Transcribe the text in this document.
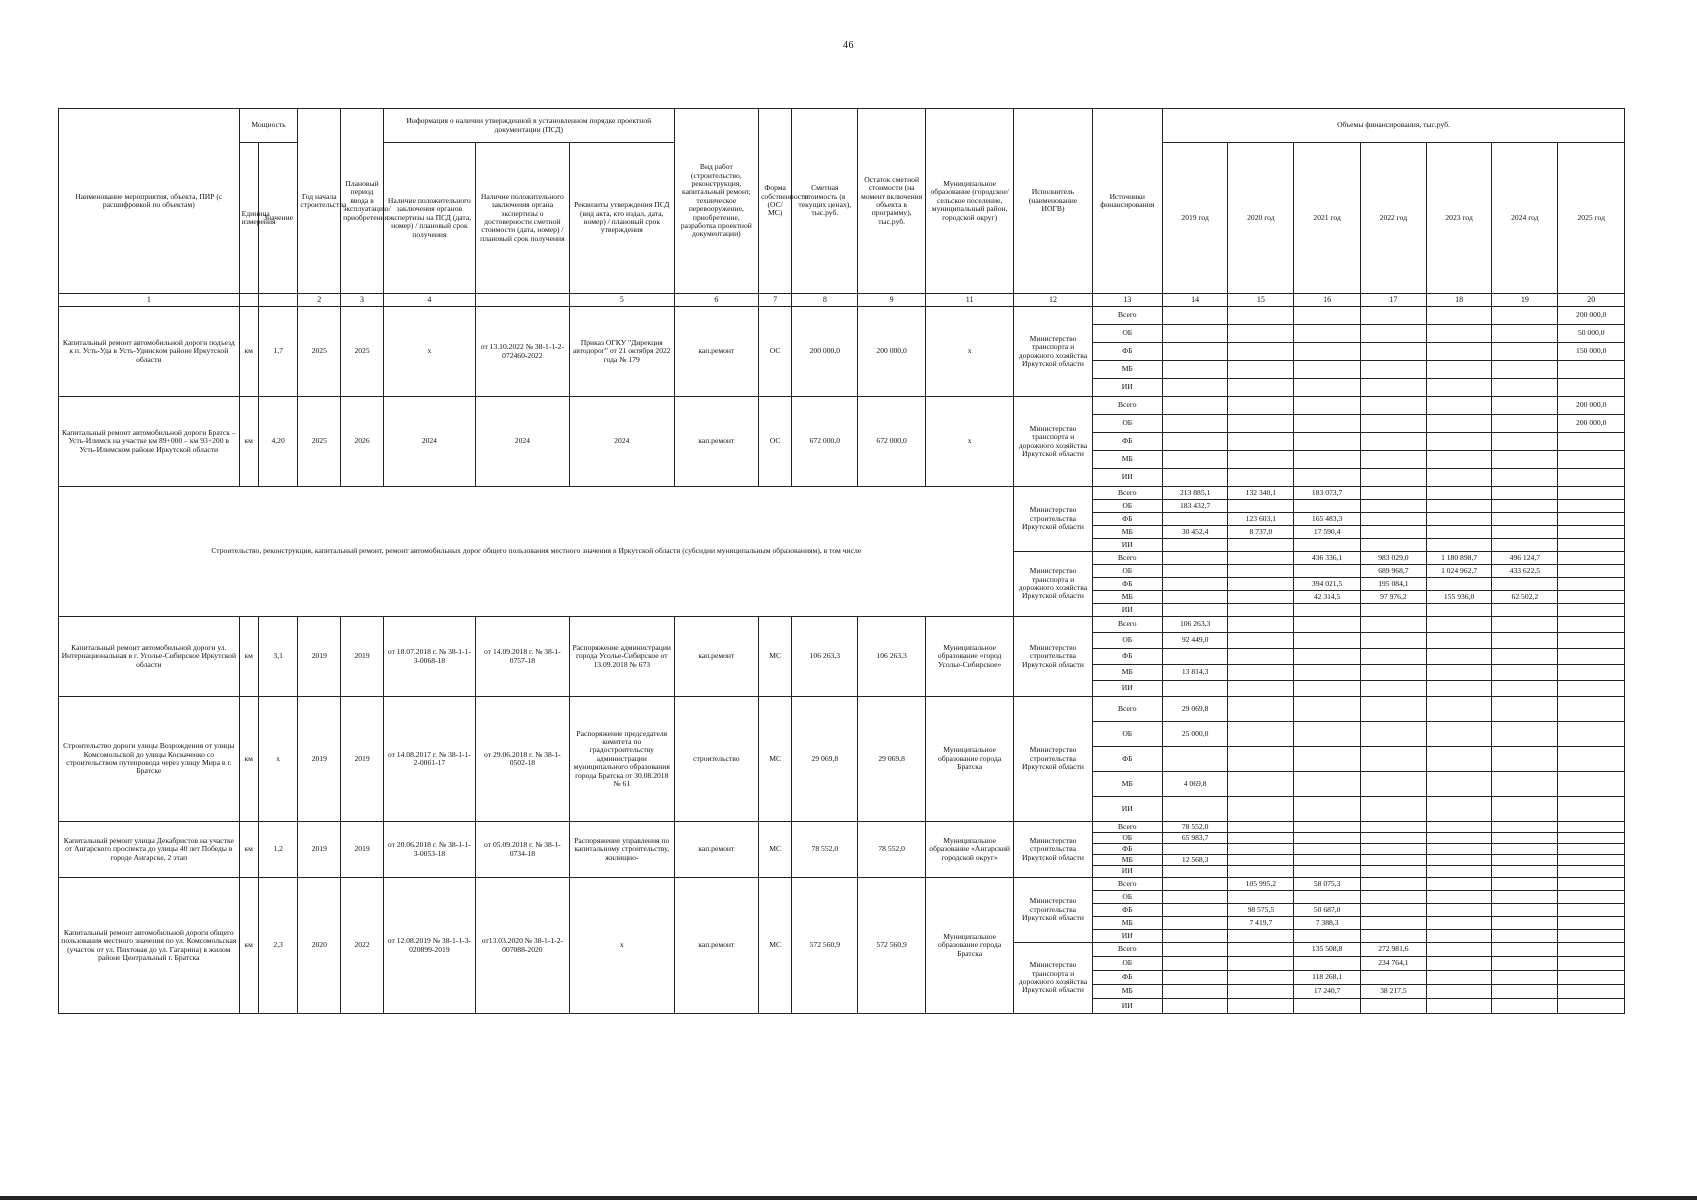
46
Наименование мероприятия, объекта, ПИР (с расшифровкой по объектам)	Мощность		Год начала строительства	Плановый период ввода в эксплуатацию/приобретения	Информация о наличии утвержденной в установленном порядке проектной документации (ПСД)			Вид работ (строительство, реконструкция, капитальный ремонт, техническое перевооружение, приобретение, разработка проектной документации)	Форма собственности (ОС/ МС)	Сметная стоимость (в текущих ценах), тыс.руб.	Остаток сметной стоимости (на момент включения объекта в программу), тыс.руб.	Муниципальное образование (городское/сельское поселение, муниципальный район, городской округ)	Исполнитель (наименование ИОГВ)	Источники финансирования	Объемы финансирования, тыс.руб.						
	Единица измерения	Значение			Наличие положительного заключения органов экспертизы на ПСД (дата, номер) / плановый срок получения	Наличие положительного заключения органа экспертизы о достоверности сметной стоимости (дата, номер) / плановый срок получения	Реквизиты утверждения ПСД (вид акта, кто издал, дата, номер) / плановый срок утверждения								2019 год	2020 год	2021 год	2022 год	2023 год	2024 год	2025 год
1			2	3	4		5	6	7	8	9	11	12	13	14	15	16	17	18	19	20
Капитальный ремонт автомобильной дороги подъезд к п. Усть-Уда в Усть-Удинском районе Иркутской области	км	1,7	2025	2025	х	от 13.10.2022 № 38-1-1-2-072460-2022	Приказ ОГКУ "Дирекция автодорог" от 21 октября 2022 года № 179	кап.ремонт	ОС	200 000,0	200 000,0	х	Министерство транспорта и дорожного хозяйства Иркутской области	Всего							200 000,0
														ОБ							50 000,0
														ФБ							150 000,0
														МБ							
														ИИ							
Капитальный ремонт автомобильной дороги Братск – Усть-Илимск на участке км 89+000 – км 93+200 в Усть-Илимском районе Иркутской области	км	4,20	2025	2026	2024	2024	2024	кап.ремонт	ОС	672 000,0	672 000,0	х	Министерство транспорта и дорожного хозяйства Иркутской области	Всего							200 000,0
														ОБ							200 000,0
														ФБ							
														МБ							
														ИИ							
Строительство, реконструкция, капитальный ремонт, ремонт автомобильных дорог общего пользования местного значения в Иркутской области (субсидии муниципальным образованиям), в том числе													Министерство строительства Иркутской области	Всего	213 885,1	132 340,1	183 073,7				
														ОБ	183 432,7						
														ФБ		123 603,1	165 483,3				
														МБ	30 452,4	8 737,0	17 590,4				
														ИИ							
													Министерство транспорта и дорожного хозяйства Иркутской области	Всего			436 336,1	983 029,0	1 180 898,7	496 124,7	
														ОБ				689 968,7	1 024 962,7	433 622,5	
														ФБ			394 021,5	195 084,1			
														МБ			42 314,5	97 976,2	155 936,0	62 502,2	
														ИИ							
Капитальный ремонт автомобильной дороги ул. Интернациональная в г. Усолье-Сибирское Иркутской области	км	3,1	2019	2019	от 18.07.2018 г. № 38-1-1-3-0068-18	от 14.09.2018 г. № 38-1-0757-18	Распоряжение администрации города Усолье-Сибирское от 13.09.2018 № 673	кап.ремонт	МС	106 263,3	106 263,3	Муниципальное образование «город Усолье-Сибирское»	Министерство строительства Иркутской области	Всего	106 263,3						
														ОБ	92 449,0						
														ФБ							
														МБ	13 814,3						
														ИИ							
Строительство дороги улицы Возрождения от улицы Комсомольской до улицы Коскаченко со строительством путепровода через улицу Мира в г. Братске	км	х	2019	2019	от 14.08.2017 г. № 38-1-1-2-0061-17	от 29.06.2018 г. № 38-1-0502-18	Распоряжение председателя комитета по градостроительству администрации муниципального образования города Братска от 30.08.2018 № 61	строительство	МС	29 069,8	29 069,8	Муниципальное образование города Братска	Министерство строительства Иркутской области	Всего	29 069,8						
														ОБ	25 000,0						
														ФБ							
														МБ	4 069,8						
														ИИ							
Капитальный ремонт улицы Декабристов на участке от Ангарского проспекта до улицы 40 лет Победы в городе Ангарске, 2 этап	км	1,2	2019	2019	от 20.06.2018 г. № 38-1-1-3-0053-18	от 05.09.2018 г. № 38-1-0734-18	Распоряжение управления по капитальному строительству, жилищно-	кап.ремонт	МС	78 552,0	78 552,0	Муниципальное образование «Ангарский городской округ»	Министерство строительства Иркутской области	Всего	78 552,0						
														ОБ	65 983,7						
														ФБ							
														МБ	12 568,3						
														ИИ							
Капитальный ремонт автомобильной дороги общего пользования местного значения по ул. Комсомольская (участок от ул. Пихтовая до ул. Гагарина) в жилом районе Центральный г. Братска	км	2,3	2020	2022	от 12.08.2019 № 38-1-1-3-020899-2019	от13.03.2020 № 38-1-1-2-007088-2020	х	кап.ремонт	МС	572 560,9	572 560,9	Муниципальное образование города Братска	Министерство строительства Иркутской области	Всего		105 995,2	58 075,3				
														ОБ							
														ФБ		98 575,5	50 687,0				
														МБ		7 419,7	7 388,3				
														ИИ							
													Министерство транспорта и дорожного хозяйства Иркутской области	Всего			135 508,8	272 981,6			
														ОБ				234 764,1			
														ФБ			118 268,1				
														МБ			17 240,7	38 217,5			
														ИИ							
